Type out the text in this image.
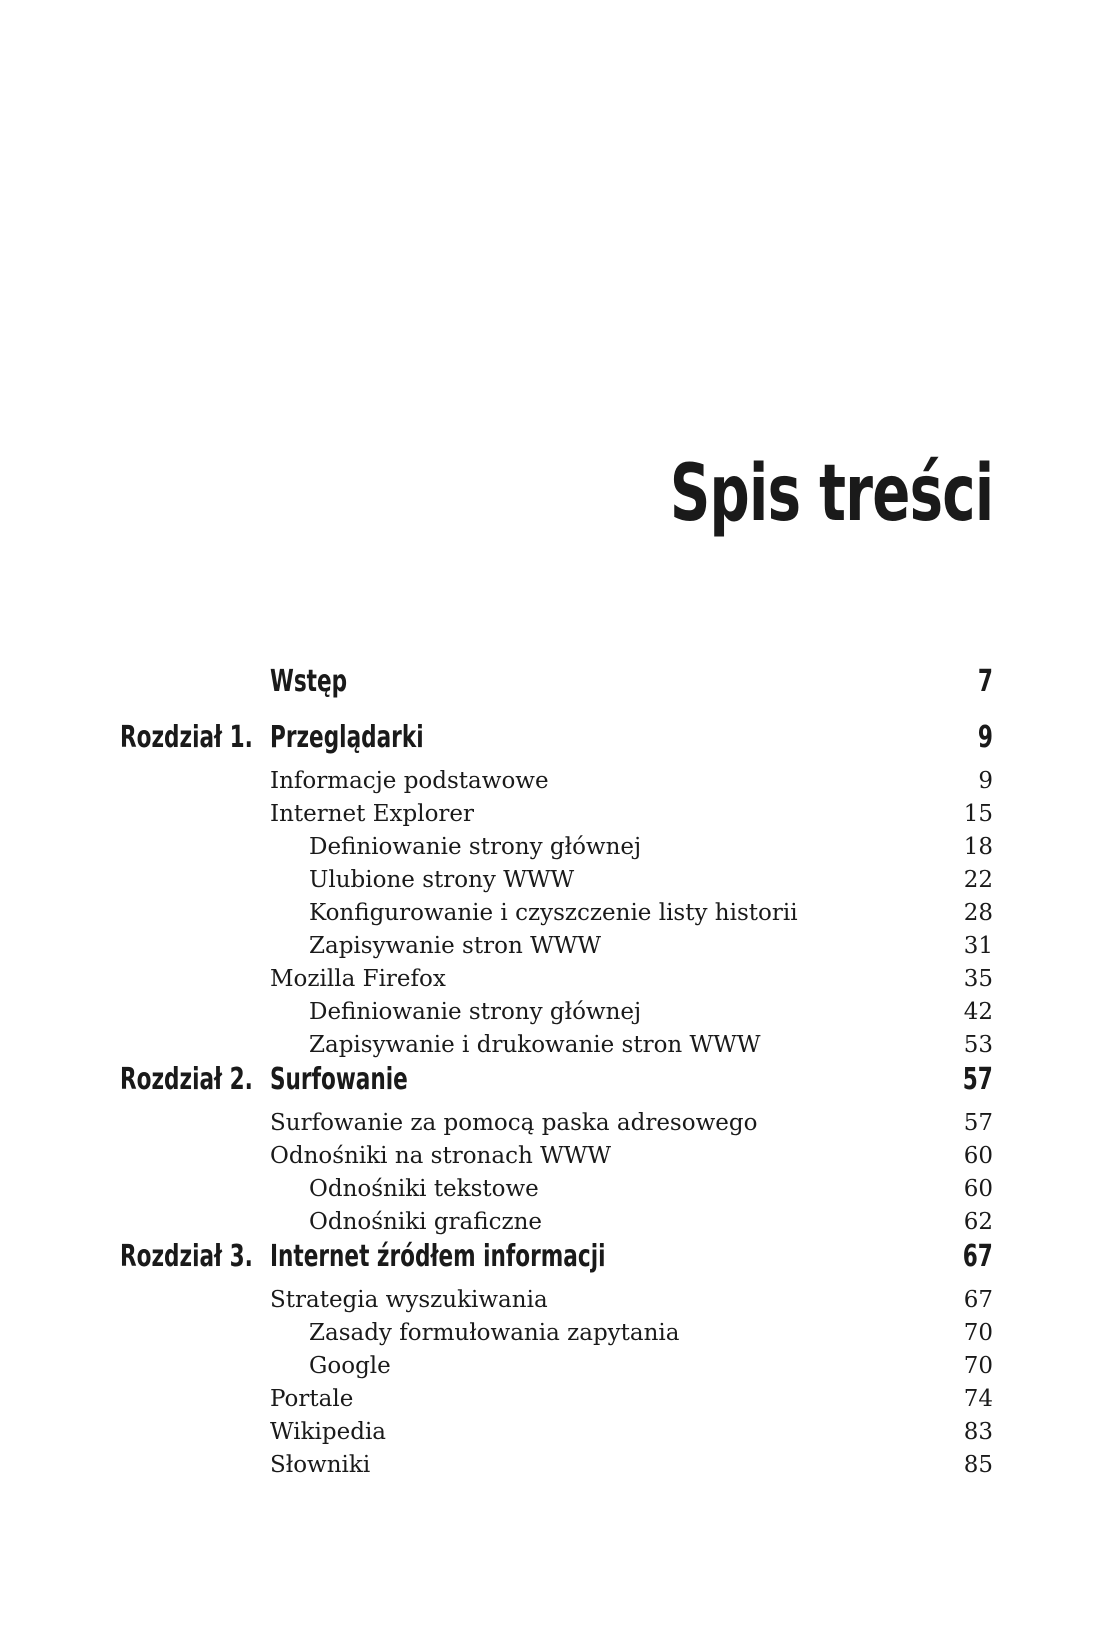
Spis treści
Wstęp	7
Rozdział 1. Przeglądarki	9
Informacje podstawowe	9
Internet Explorer	15
Definiowanie strony głównej	18
Ulubione strony WWW	22
Konfigurowanie i czyszczenie listy historii	28
Zapisywanie stron WWW	31
Mozilla Firefox	35
Definiowanie strony głównej	42
Zapisywanie i drukowanie stron WWW	53
Rozdział 2. Surfowanie	57
Surfowanie za pomocą paska adresowego	57
Odnośniki na stronach WWW	60
Odnośniki tekstowe	60
Odnośniki graficzne	62
Rozdział 3. Internet źródłem informacji	67
Strategia wyszukiwania	67
Zasady formułowania zapytania	70
Google	70
Portale	74
Wikipedia	83
Słowniki	85
